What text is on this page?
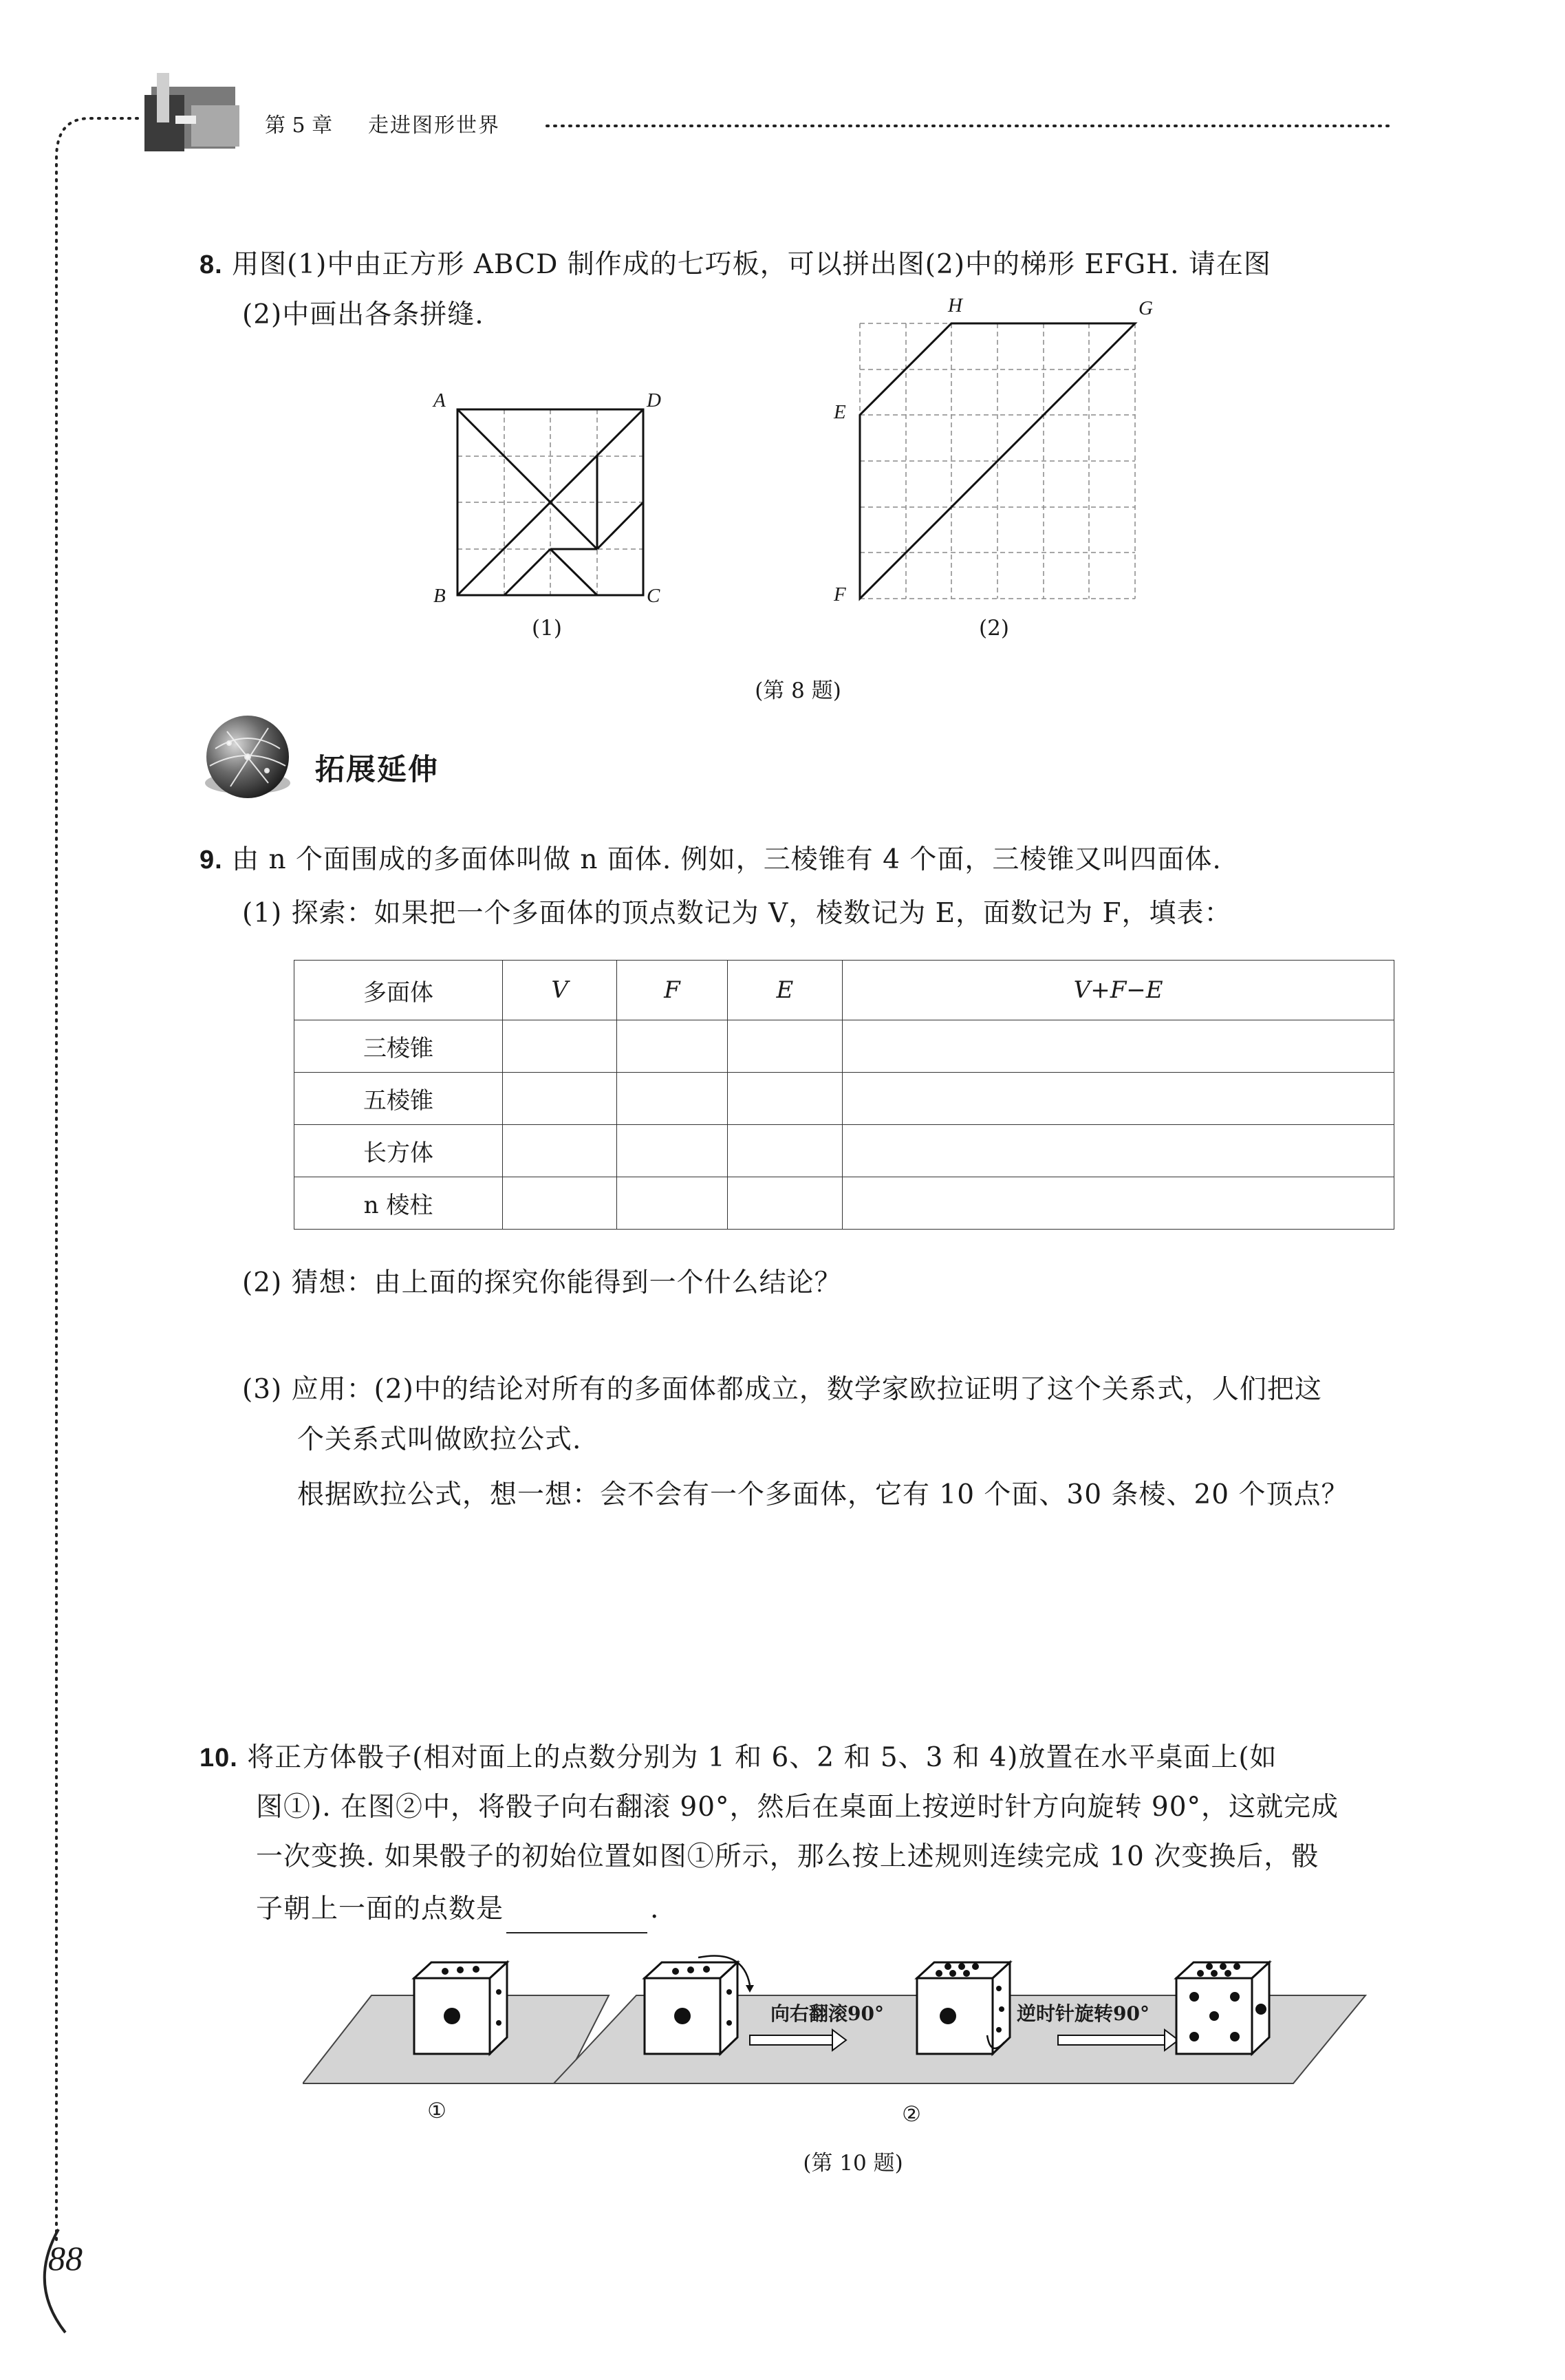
第 5 章 走进图形世界
8. 用图(1)中由正方形 ABCD 制作成的七巧板，可以拼出图(2)中的梯形 EFGH. 请在图
(2)中画出各条拼缝.
A	D
B	C
(1)
H	G
E
F
(2)
(第 8 题)
拓展延伸
9. 由 n 个面围成的多面体叫做 n 面体. 例如，三棱锥有 4 个面，三棱锥又叫四面体.
(1) 探索：如果把一个多面体的顶点数记为 V，棱数记为 E，面数记为 F，填表：
多面体	V	F	E	V+F−E
三棱锥				
五棱锥				
长方体				
n 棱柱				
(2) 猜想：由上面的探究你能得到一个什么结论？
(3) 应用：(2)中的结论对所有的多面体都成立，数学家欧拉证明了这个关系式，人们把这
个关系式叫做欧拉公式.
根据欧拉公式，想一想：会不会有一个多面体，它有 10 个面、30 条棱、20 个顶点？
10. 将正方体骰子(相对面上的点数分别为 1 和 6、2 和 5、3 和 4)放置在水平桌面上(如
图①). 在图②中，将骰子向右翻滚 90°，然后在桌面上按逆时针方向旋转 90°，这就完成
一次变换. 如果骰子的初始位置如图①所示，那么按上述规则连续完成 10 次变换后，骰
子朝上一面的点数是	.
向右翻滚90°	逆时针旋转90°
①	②
(第 10 题)
88
